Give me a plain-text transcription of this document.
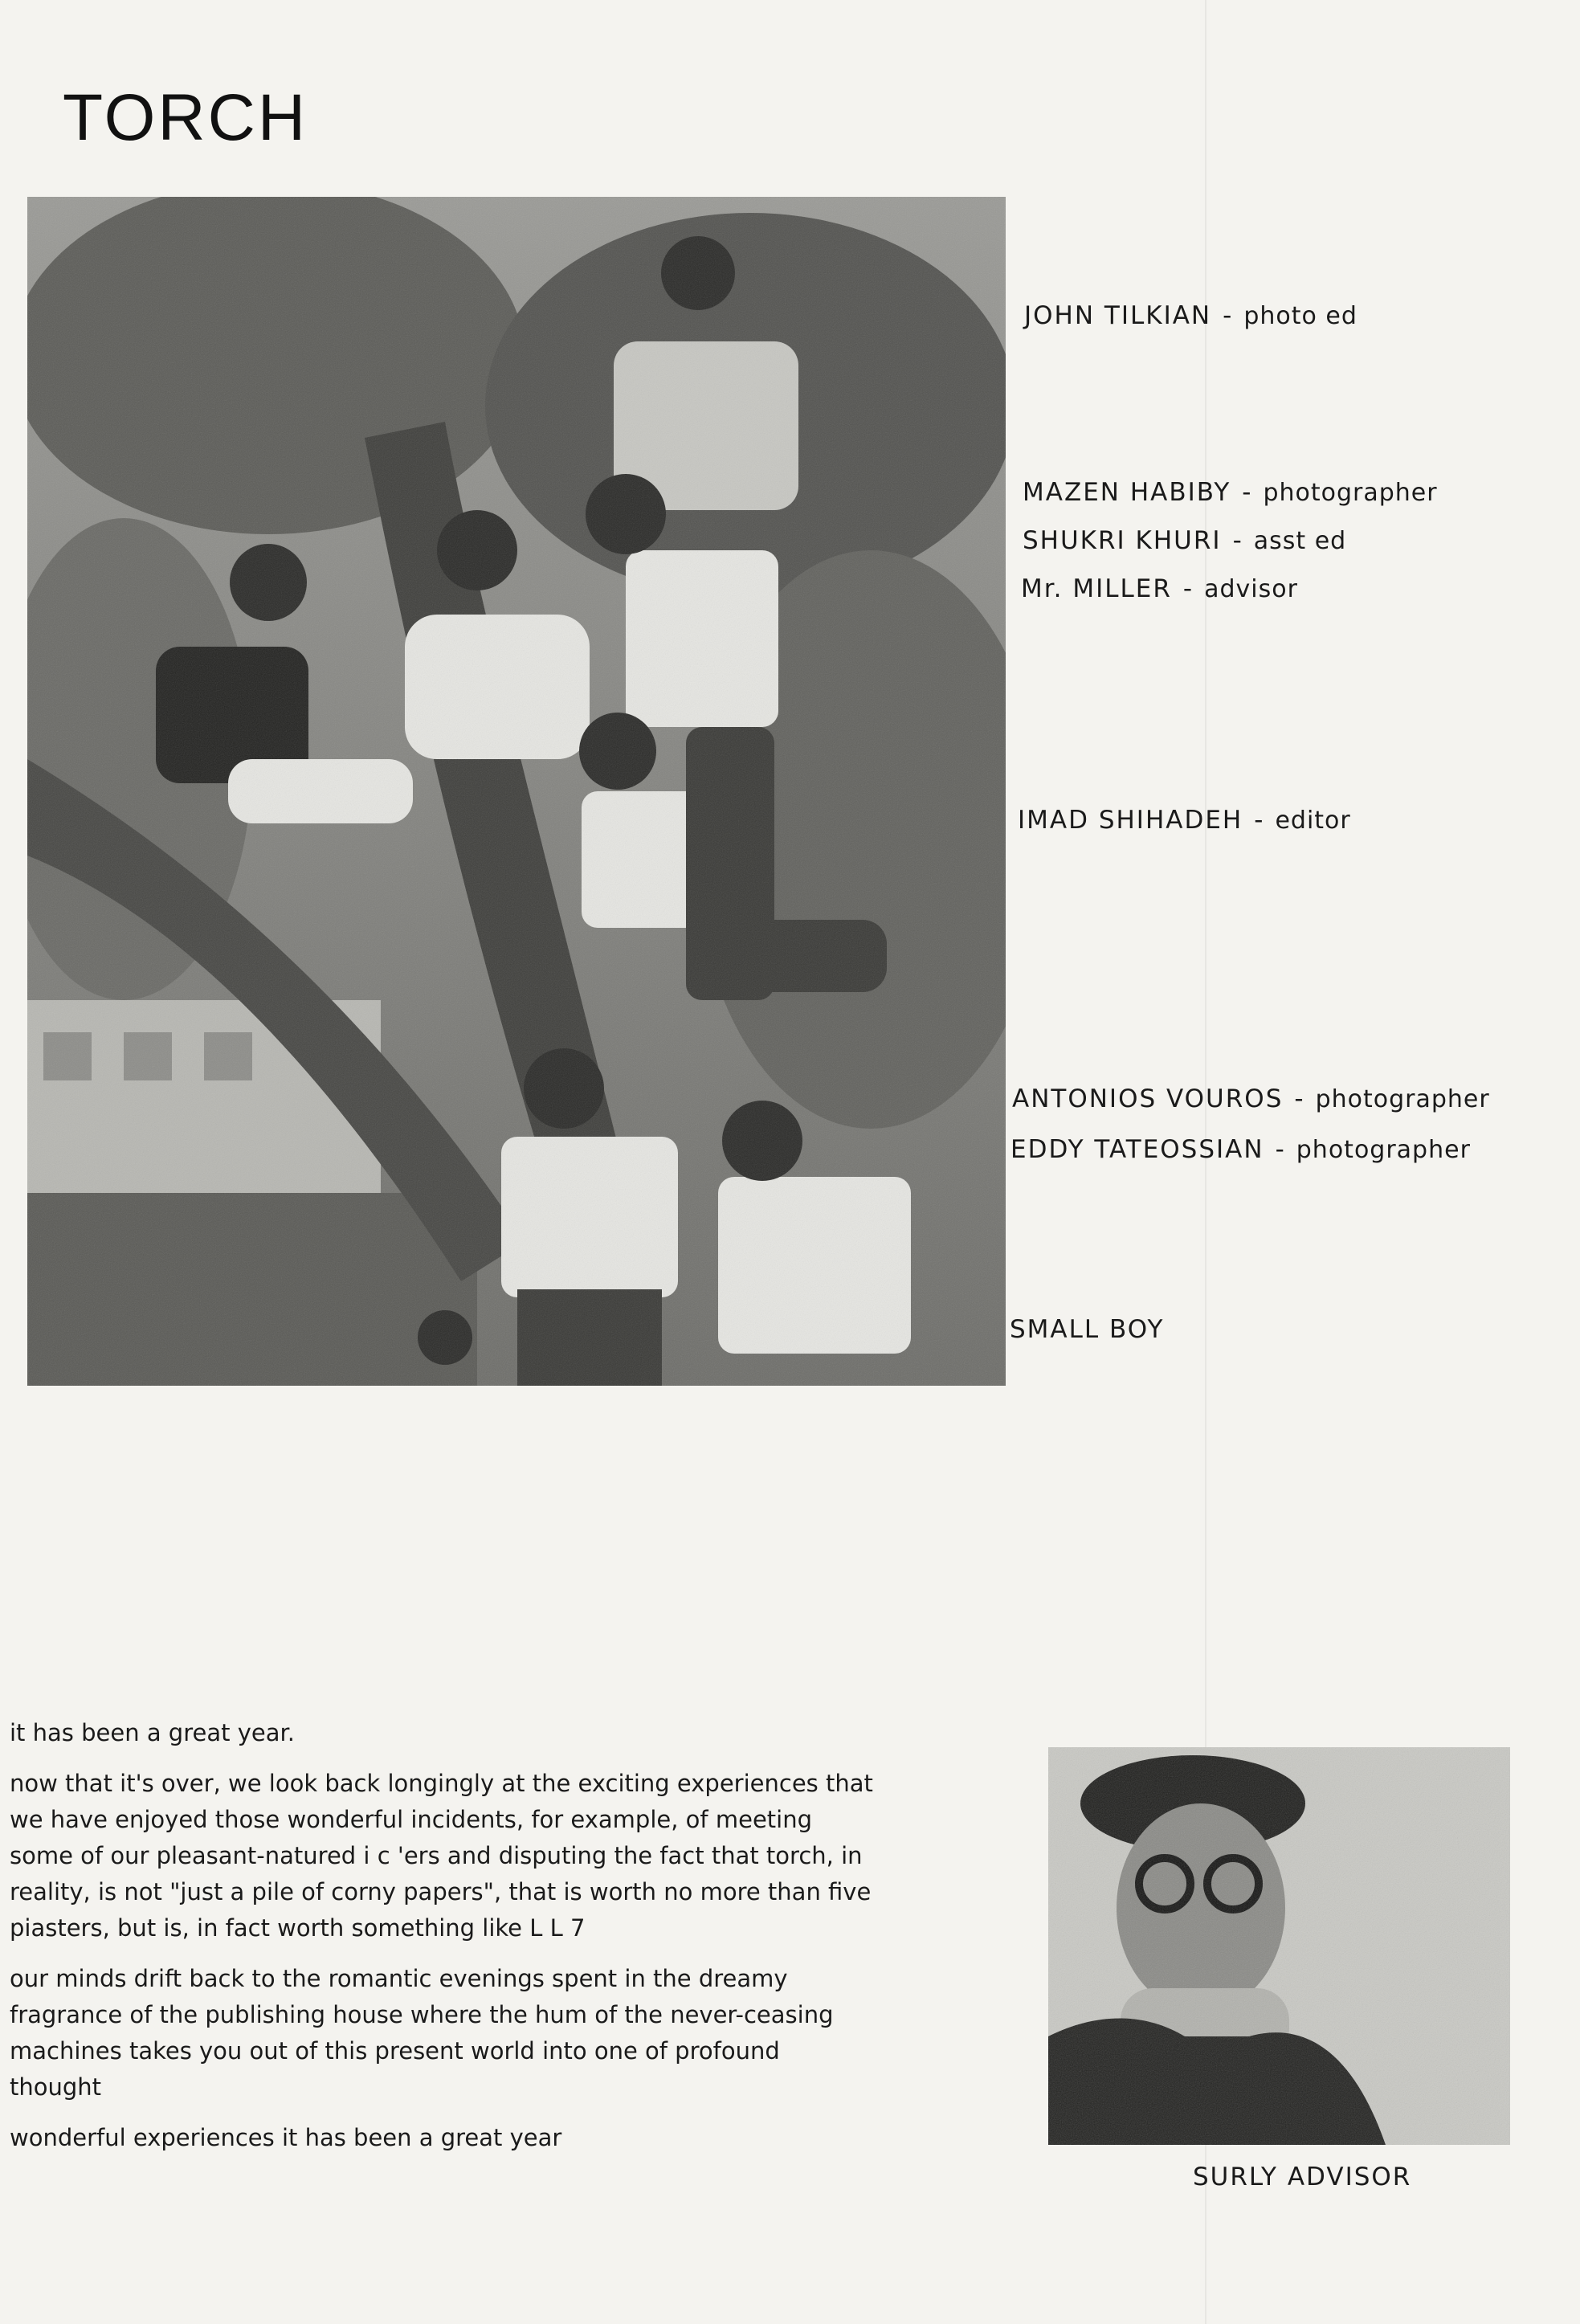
TORCH
JOHN TILKIAN - photo ed
MAZEN HABIBY - photographer
SHUKRI KHURI - asst ed
Mr. MILLER - advisor
IMAD SHIHADEH - editor
ANTONIOS VOUROS - photographer
EDDY TATEOSSIAN - photographer
SMALL BOY

it has been a great year.

now that it's over, we look back longingly at the exciting experiences that we have enjoyed those wonderful incidents, for example, of meeting some of our pleasant-natured i c 'ers and disputing the fact that torch, in reality, is not "just a pile of corny papers", that is worth no more than five piasters, but is, in fact worth something like L L 7

our minds drift back to the romantic evenings spent in the dreamy fragrance of the publishing house where the hum of the never-ceasing machines takes you out of this present world into one of profound thought

wonderful experiences it has been a great year

SURLY ADVISOR
